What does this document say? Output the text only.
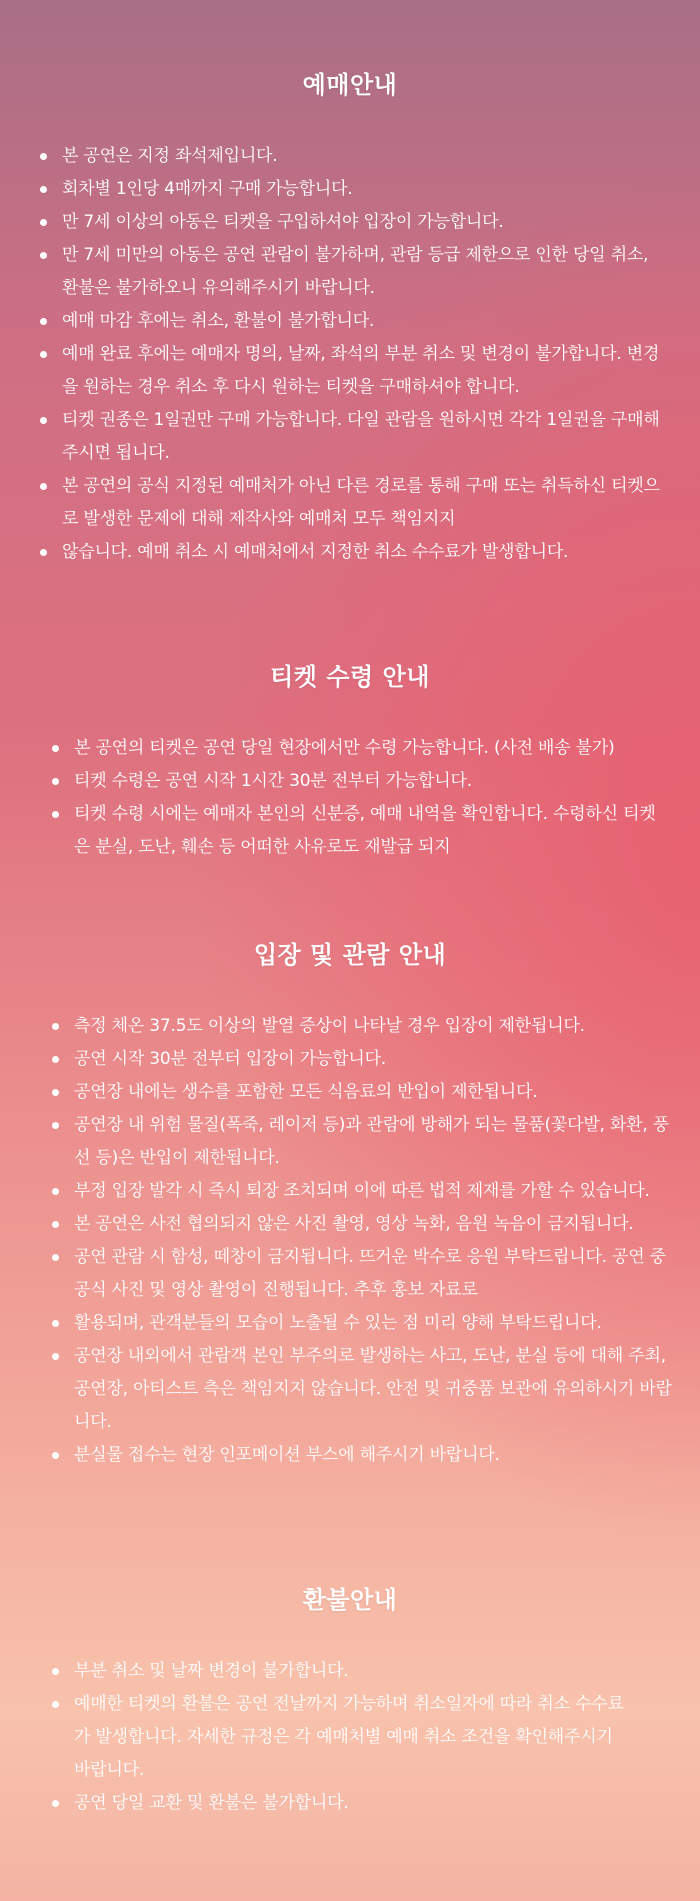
예매안내
본 공연은 지정 좌석제입니다.
회차별 1인당 4매까지 구매 가능합니다.
만 7세 이상의 아동은 티켓을 구입하셔야 입장이 가능합니다.
만 7세 미만의 아동은 공연 관람이 불가하며, 관람 등급 제한으로 인한 당일 취소, 환불은 불가하오니 유의해주시기 바랍니다.
예매 마감 후에는 취소, 환불이 불가합니다.
예매 완료 후에는 예매자 명의, 날짜, 좌석의 부분 취소 및 변경이 불가합니다. 변경을 원하는 경우 취소 후 다시 원하는 티켓을 구매하셔야 합니다.
티켓 권종은 1일권만 구매 가능합니다. 다일 관람을 원하시면 각각 1일권을 구매해주시면 됩니다.
본 공연의 공식 지정된 예매처가 아닌 다른 경로를 통해 구매 또는 취득하신 티켓으로 발생한 문제에 대해 제작사와 예매처 모두 책임지지
않습니다. 예매 취소 시 예매처에서 지정한 취소 수수료가 발생합니다.
티켓 수령 안내
본 공연의 티켓은 공연 당일 현장에서만 수령 가능합니다. (사전 배송 불가)
티켓 수령은 공연 시작 1시간 30분 전부터 가능합니다.
티켓 수령 시에는 예매자 본인의 신분증, 예매 내역을 확인합니다. 수령하신 티켓은 분실, 도난, 훼손 등 어떠한 사유로도 재발급 되지
입장 및 관람 안내
측정 체온 37.5도 이상의 발열 증상이 나타날 경우 입장이 제한됩니다.
공연 시작 30분 전부터 입장이 가능합니다.
공연장 내에는 생수를 포함한 모든 식음료의 반입이 제한됩니다.
공연장 내 위험 물질(폭죽, 레이저 등)과 관람에 방해가 되는 물품(꽃다발, 화환, 풍선 등)은 반입이 제한됩니다.
부정 입장 발각 시 즉시 퇴장 조치되며 이에 따른 법적 제재를 가할 수 있습니다.
본 공연은 사전 협의되지 않은 사진 촬영, 영상 녹화, 음원 녹음이 금지됩니다.
공연 관람 시 함성, 떼창이 금지됩니다. 뜨거운 박수로 응원 부탁드립니다. 공연 중 공식 사진 및 영상 촬영이 진행됩니다. 추후 홍보 자료로
활용되며, 관객분들의 모습이 노출될 수 있는 점 미리 양해 부탁드립니다.
공연장 내외에서 관람객 본인 부주의로 발생하는 사고, 도난, 분실 등에 대해 주최, 공연장, 아티스트 측은 책임지지 않습니다. 안전 및 귀중품 보관에 유의하시기 바랍니다.
분실물 접수는 현장 인포메이션 부스에 해주시기 바랍니다.
환불안내
부분 취소 및 날짜 변경이 불가합니다.
예매한 티켓의 환불은 공연 전날까지 가능하며 취소일자에 따라 취소 수수료가 발생합니다. 자세한 규정은 각 예매처별 예매 취소 조건을 확인해주시기 바랍니다.
공연 당일 교환 및 환불은 불가합니다.
